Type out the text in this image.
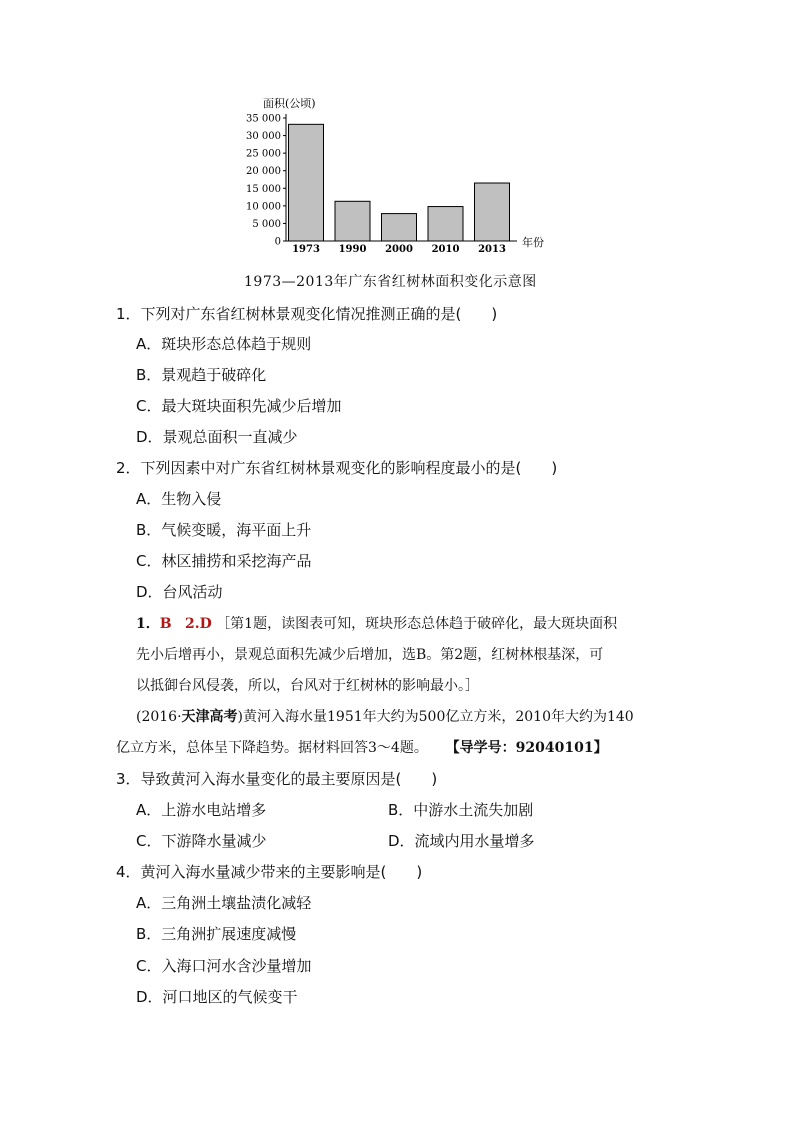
面积(公顷)
年份
0
5 000
10 000
15 000
20 000
25 000
30 000
35 000
1973 1990 2000 2010 2013
1973—2013年广东省红树林面积变化示意图
1．下列对广东省红树林景观变化情况推测正确的是(　　)
A．斑块形态总体趋于规则
B．景观趋于破碎化
C．最大斑块面积先减少后增加
D．景观总面积一直减少
2．下列因素中对广东省红树林景观变化的影响程度最小的是(　　)
A．生物入侵
B．气候变暖，海平面上升
C．林区捕捞和采挖海产品
D．台风活动
1．B 2.D ［第1题，读图表可知，斑块形态总体趋于破碎化，最大斑块面积
先小后增再小，景观总面积先减少后增加，选B。第2题，红树林根基深，可
以抵御台风侵袭，所以，台风对于红树林的影响最小。］
(2016·天津高考)黄河入海水量1951年大约为500亿立方米，2010年大约为140
亿立方米，总体呈下降趋势。据材料回答3～4题。 【导学号：92040101】
3．导致黄河入海水量变化的最主要原因是(　　)
A．上游水电站增多	B．中游水土流失加剧
C．下游降水量减少	D．流域内用水量增多
4．黄河入海水量减少带来的主要影响是(　　)
A．三角洲土壤盐渍化减轻
B．三角洲扩展速度减慢
C．入海口河水含沙量增加
D．河口地区的气候变干
